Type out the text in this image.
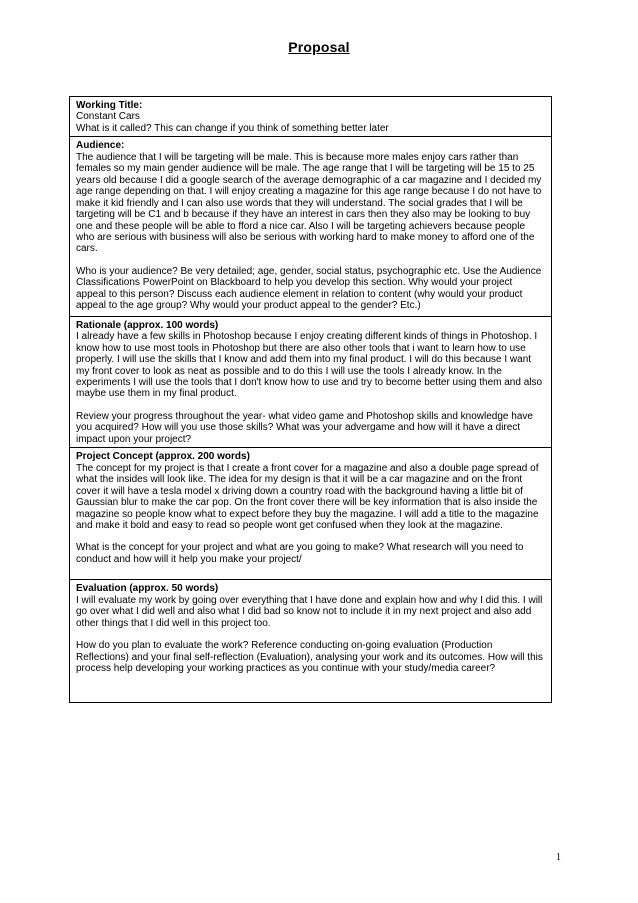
Proposal
Working Title:
Constant Cars
What is it called? This can change if you think of something better later
Audience:
The audience that I will be targeting will be male. This is because more males enjoy cars rather than females so my main gender audience will be male. The age range that I will be targeting will be 15 to 25 years old because I did a google search of the average demographic of a car magazine and I decided my age range depending on that. I will enjoy creating a magazine for this age range because I do not have to make it kid friendly and I can also use words that they will understand. The social grades that I will be targeting will be C1 and b because if they have an interest in cars then they also may be looking to buy one and these people will be able to fford a nice car. Also I will be targeting achievers because people who are serious with business will also be serious with working hard to make money to afford one of the cars.
Who is your audience? Be very detailed; age, gender, social status, psychographic etc. Use the Audience Classifications PowerPoint on Blackboard to help you develop this section. Why would your project appeal to this person? Discuss each audience element in relation to content (why would your product appeal to the age group? Why would your product appeal to the gender? Etc.)
Rationale (approx. 100 words)
I already have a few skills in Photoshop because I enjoy creating different kinds of things in Photoshop. I know how to use most tools in Photoshop but there are also other tools that i want to learn how to use properly. I will use the skills that I know and add them into my final product. I will do this because I want my front cover to look as neat as possible and to do this I will use the tools I already know. In the experiments I will use the tools that I don't know how to use and try to become better using them and also maybe use them in my final product.
Review your progress throughout the year- what video game and Photoshop skills and knowledge have you acquired? How will you use those skills? What was your advergame and how will it have a direct impact upon your project?
Project Concept (approx. 200 words)
The concept for my project is that I create a front cover for a magazine and also a double page spread of what the insides will look like. The idea for my design is that it will be a car magazine and on the front cover it will have a tesla model x driving down a country road with the background having a little bit of Gaussian blur to make the car pop. On the front cover there will be key information that is also inside the magazine so people know what to expect before they buy the magazine. I will add a title to the magazine and make it bold and easy to read so people wont get confused when they look at the magazine.
What is the concept for your project and what are you going to make? What research will you need to conduct and how will it help you make your project/
Evaluation (approx. 50 words)
I will evaluate my work by going over everything that I have done and explain how and why I did this. I will go over what I did well and also what I did bad so know not to include it in my next project and also add other things that I did well in this project too.
How do you plan to evaluate the work? Reference conducting on-going evaluation (Production Reflections) and your final self-reflection (Evaluation), analysing your work and its outcomes. How will this process help developing your working practices as you continue with your study/media career?
1
